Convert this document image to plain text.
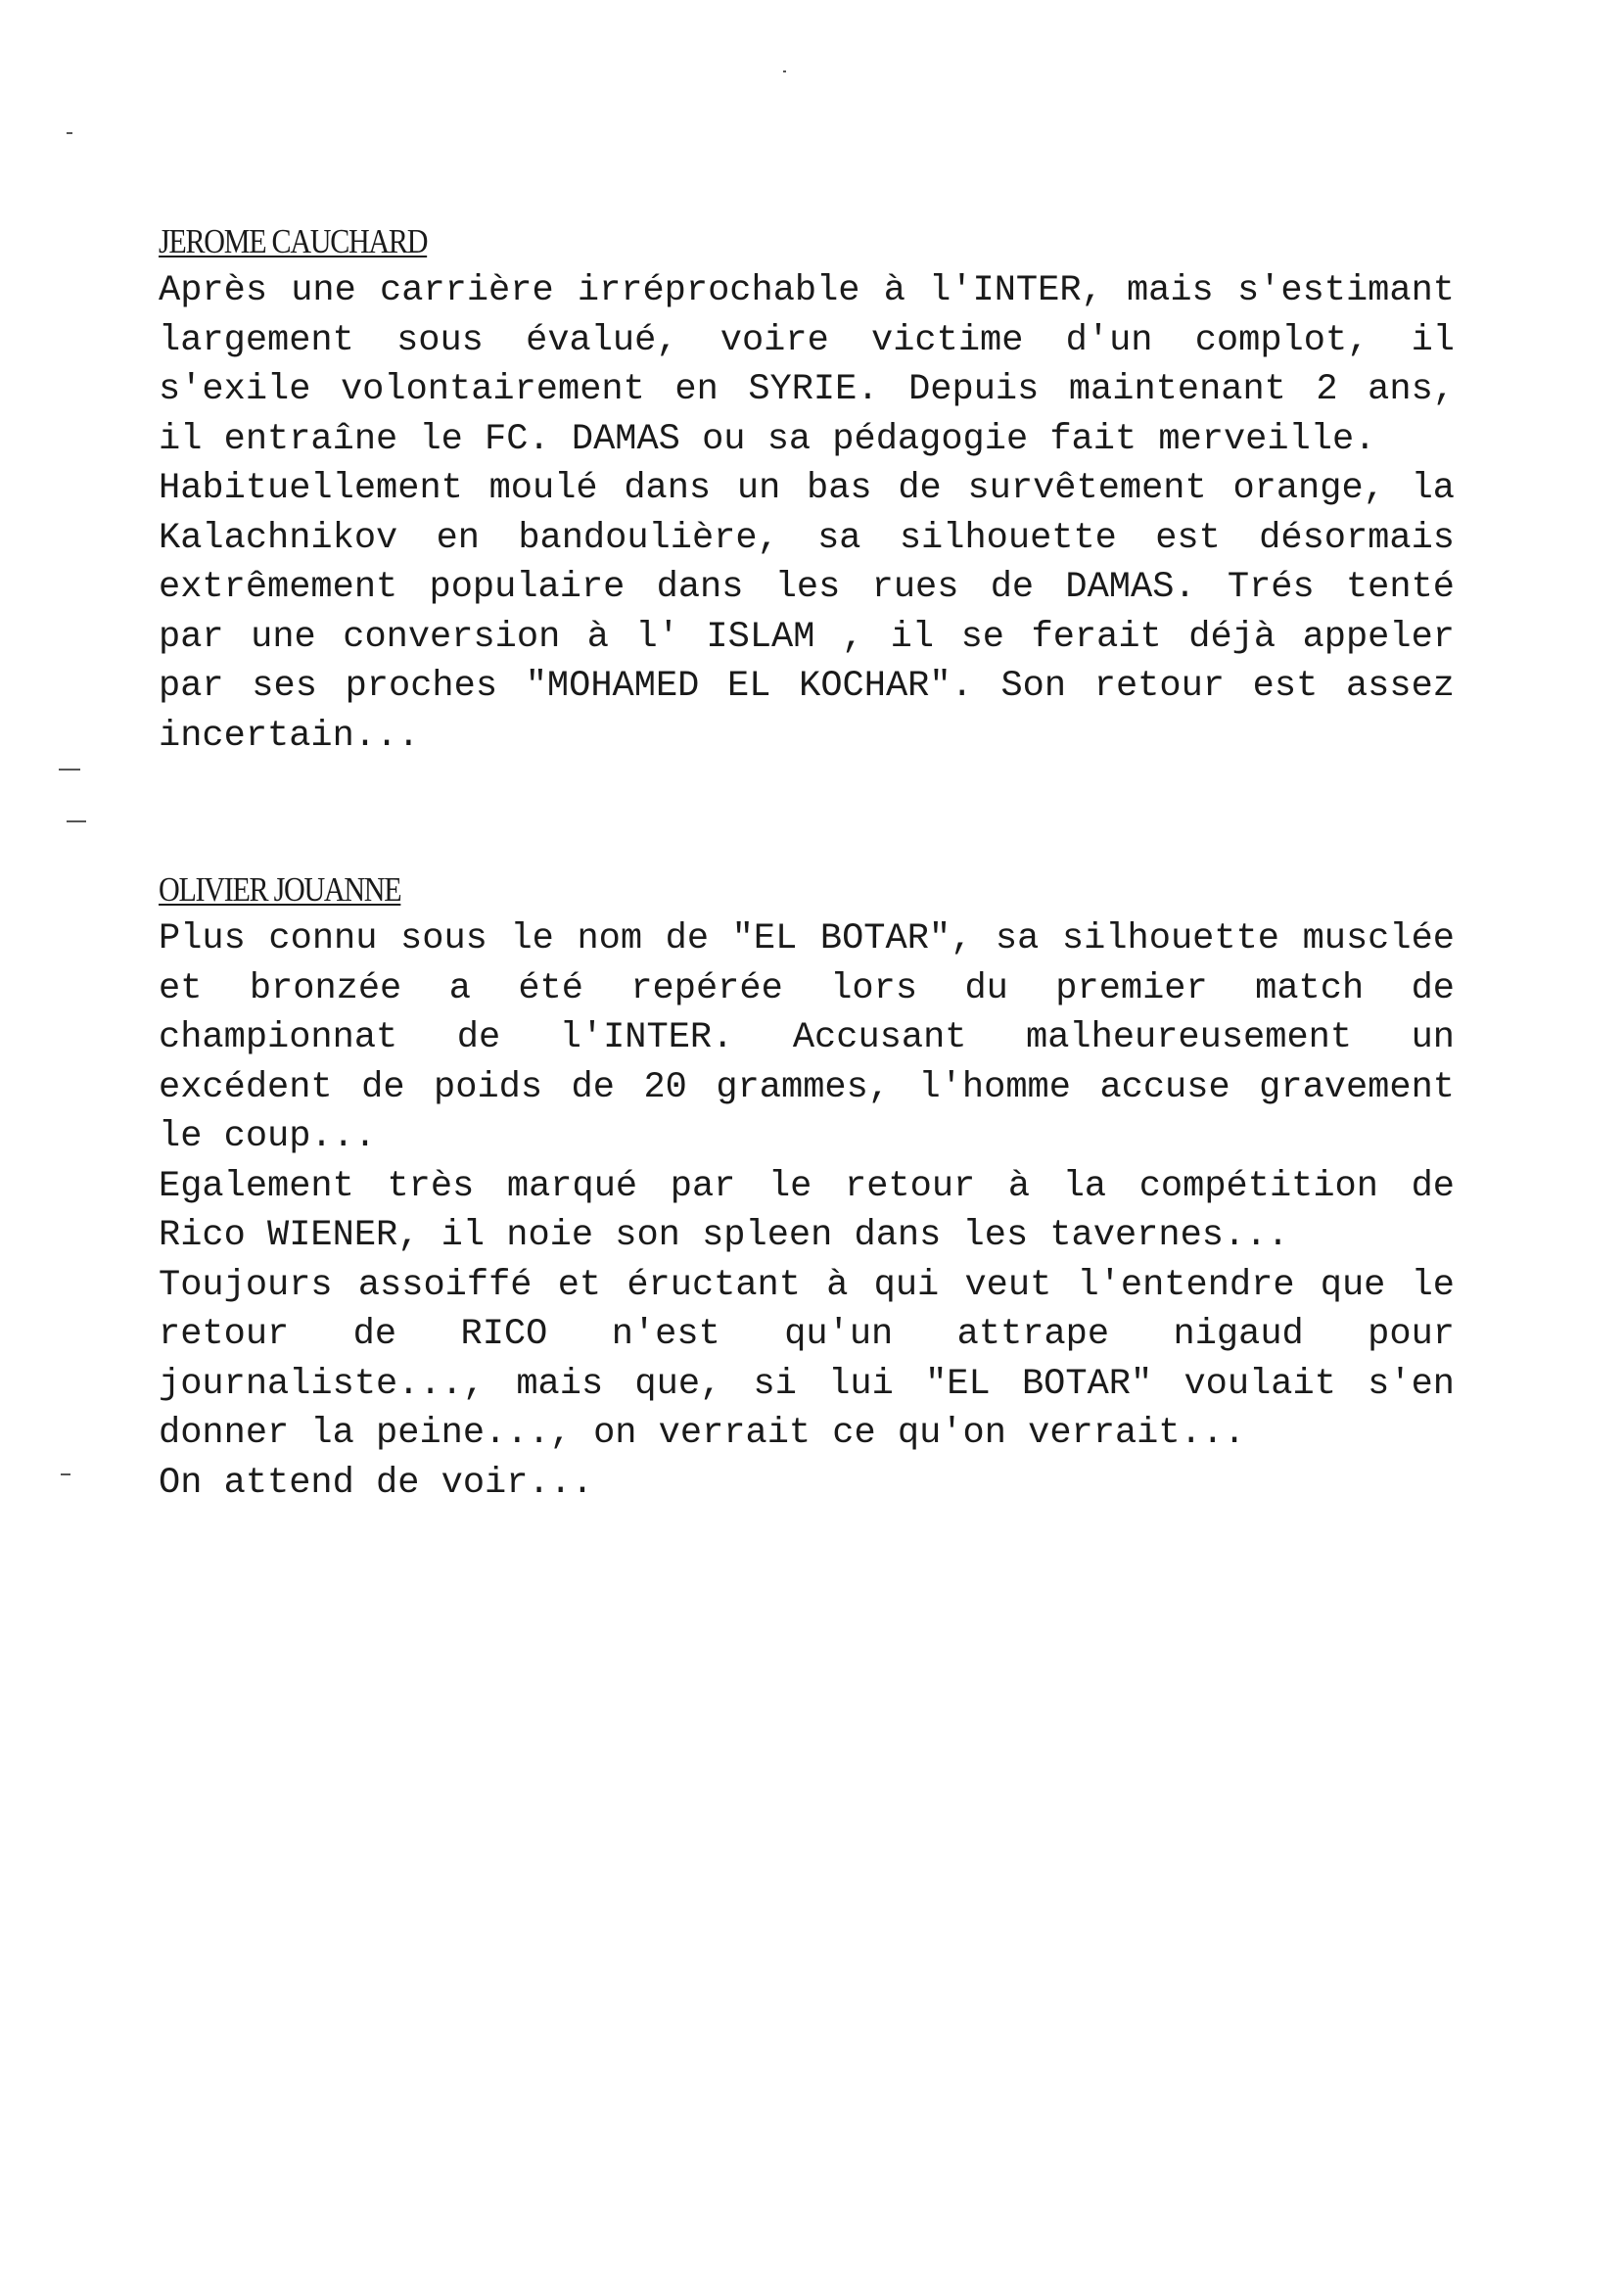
JEROME CAUCHARD
Après une carrière irréprochable à l'INTER, mais s'estimant
largement sous évalué, voire victime d'un complot, il
s'exile volontairement en SYRIE. Depuis maintenant 2 ans,
il entraîne le FC. DAMAS ou sa pédagogie fait merveille.
Habituellement moulé dans un bas de survêtement orange, la
Kalachnikov en bandoulière, sa silhouette est désormais
extrêmement populaire dans les rues de DAMAS. Trés tenté
par une conversion à l' ISLAM , il se ferait déjà appeler
par ses proches "MOHAMED EL KOCHAR". Son retour est assez
incertain...
OLIVIER JOUANNE
Plus connu sous le nom de "EL BOTAR", sa silhouette musclée
et bronzée a été repérée lors du premier match de
championnat de l'INTER. Accusant malheureusement un
excédent de poids de 20 grammes, l'homme accuse gravement
le coup...
Egalement très marqué par le retour à la compétition de
Rico WIENER, il noie son spleen dans les tavernes...
Toujours assoiffé et éructant à qui veut l'entendre que le
retour de RICO n'est qu'un attrape nigaud pour
journaliste..., mais que, si lui "EL BOTAR" voulait s'en
donner la peine..., on verrait ce qu'on verrait...
On attend de voir...
